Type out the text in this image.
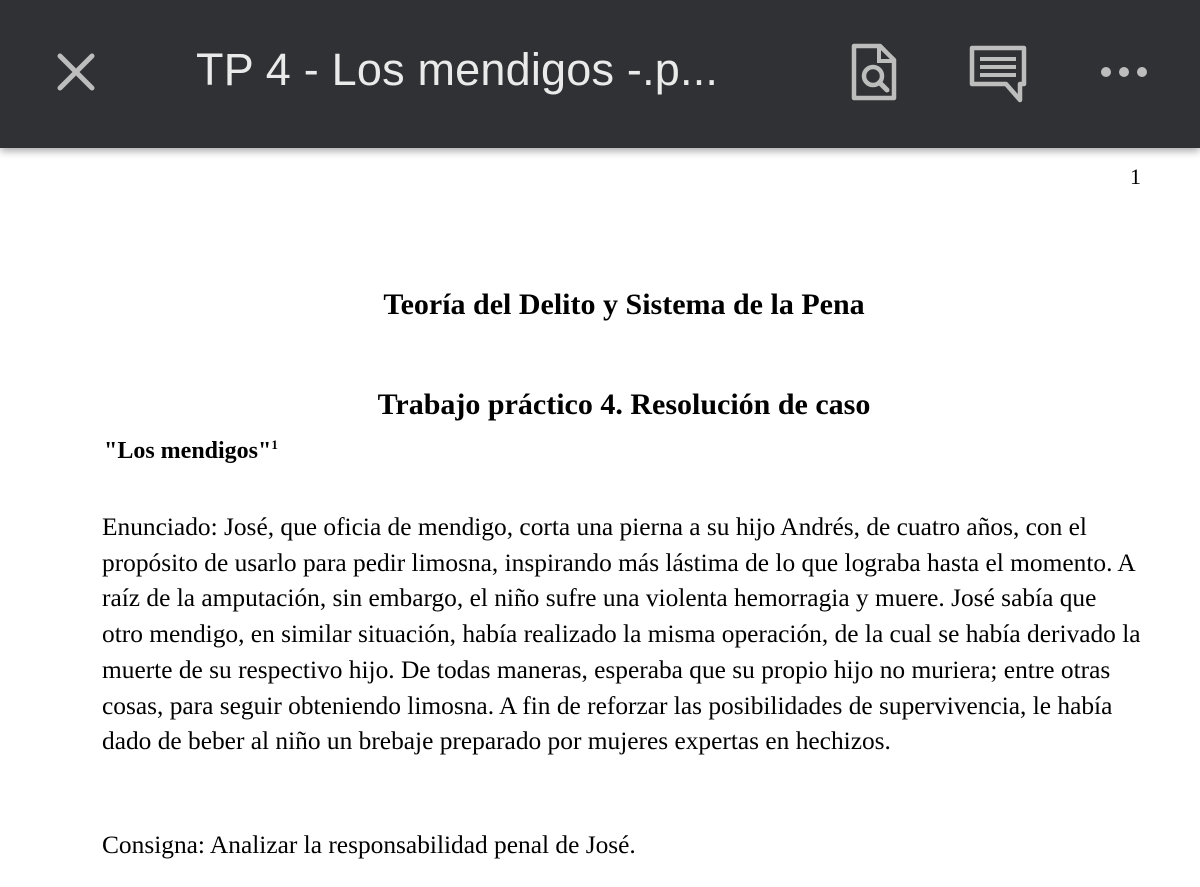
TP 4 - Los mendigos -.p...
1
Teoría del Delito y Sistema de la Pena
Trabajo práctico 4. Resolución de caso
"Los mendigos"$^1$

Enunciado: José, que oficia de mendigo, corta una pierna a su hijo Andrés, de cuatro años, con el propósito de usarlo para pedir limosna, inspirando más lástima de lo que lograba hasta el momento. A raíz de la amputación, sin embargo, el niño sufre una violenta hemorragia y muere. José sabía que otro mendigo, en similar situación, había realizado la misma operación, de la cual se había derivado la muerte de su respectivo hijo. De todas maneras, esperaba que su propio hijo no muriera; entre otras cosas, para seguir obteniendo limosna. A fin de reforzar las posibilidades de supervivencia, le había dado de beber al niño un brebaje preparado por mujeres expertas en hechizos.

Consigna: Analizar la responsabilidad penal de José.
